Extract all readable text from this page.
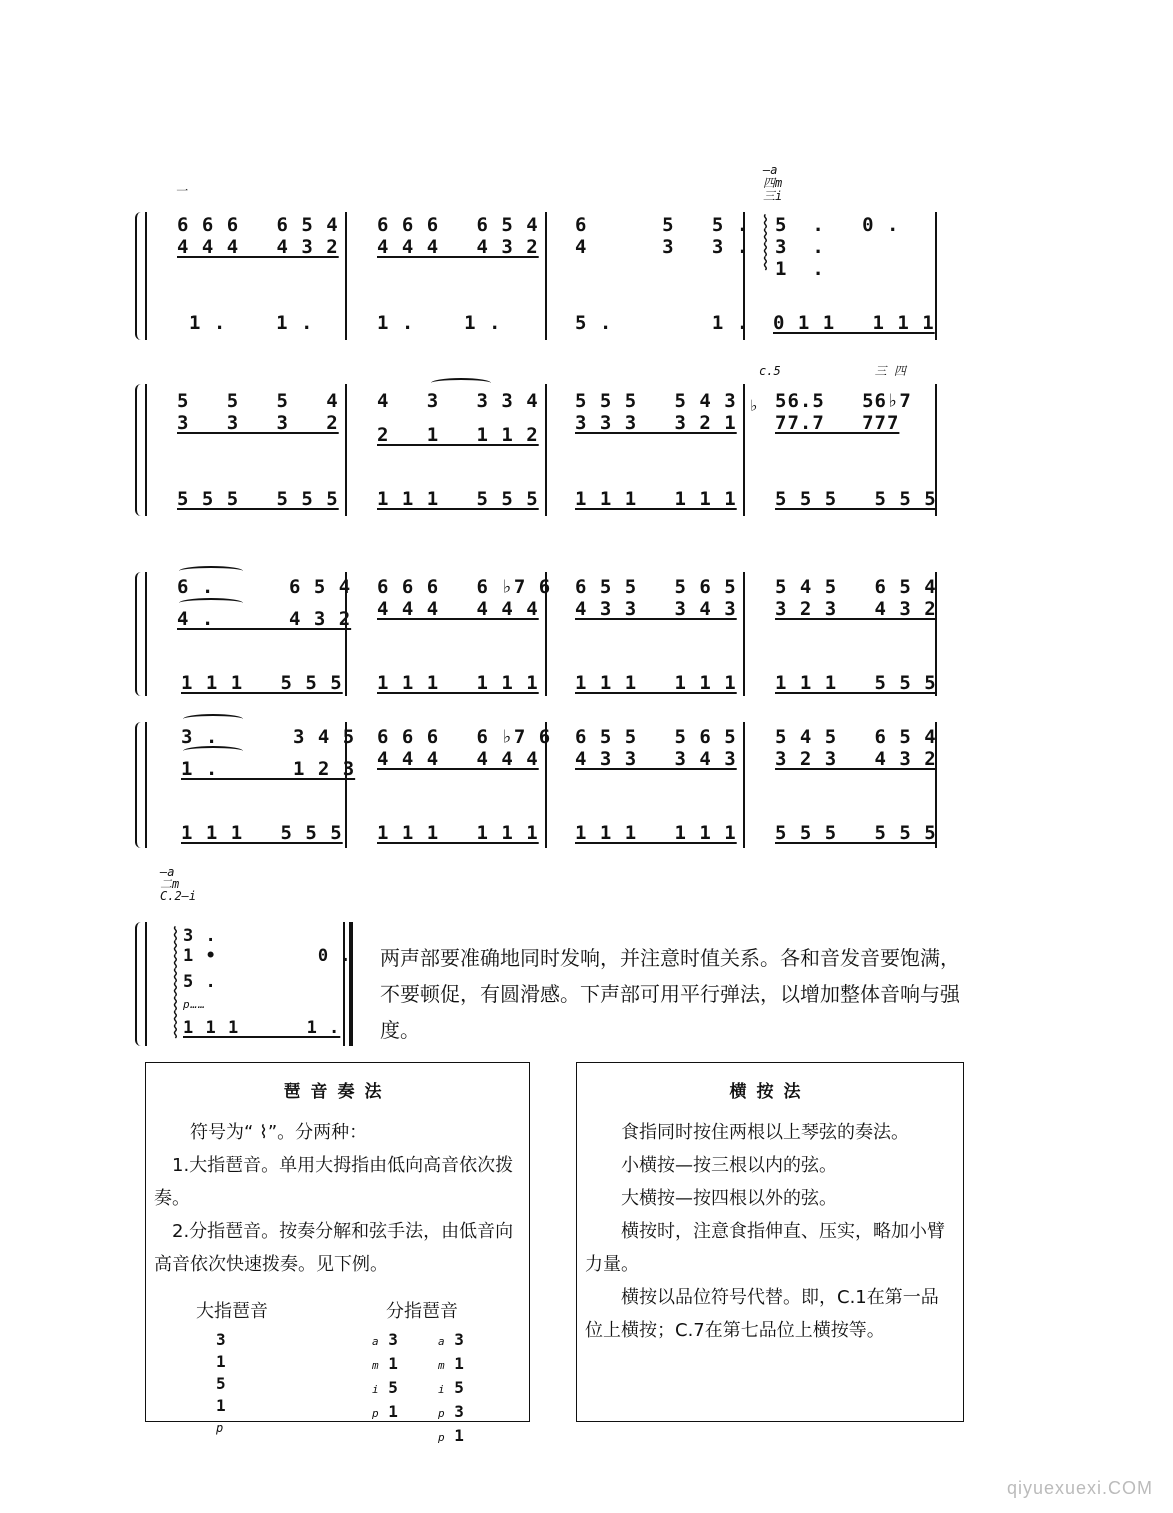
一
—a
四m
三i
6 6 6   6 5 4
4 4 4   4 3 2
1 .    1 .
6 6 6   6 5 4
4 4 4   4 3 2
1 .    1 .
6      5   5 .
4      3   3 .
5 .        1 .
⌇
⌇
⌇
⌇
5  .   0 .
3  .
1  .
0 1 1   1 1 1
c.5             三 四
5   5   5   4
3   3   3   2
5 5 5   5 5 5
4   3   3 3 4
2   1   1 1 2
1 1 1   5 5 5
5 5 5   5 4 3
3 3 3   3 2 1
1 1 1   1 1 1
♭ 56.5   56♭7
77.7   777
5 5 5   5 5 5
6 .      6 5 4
4 .      4 3 2
1 1 1   5 5 5
6 6 6   6 ♭7 6
4 4 4   4 4 4
1 1 1   1 1 1
6 5 5   5 6 5
4 3 3   3 4 3
1 1 1   1 1 1
5 4 5   6 5 4
3 2 3   4 3 2
1 1 1   5 5 5
3 .      3 4 5
1 .      1 2 3
1 1 1   5 5 5
6 6 6   6 ♭7 6
4 4 4   4 4 4
1 1 1   1 1 1
6 5 5   5 6 5
4 3 3   3 4 3
1 1 1   1 1 1
5 4 5   6 5 4
3 2 3   4 3 2
5 5 5   5 5 5
—a
二m
C.2—i
⌇
⌇
⌇
⌇
⌇
⌇
⌇
⌇
3 .
1 •         0 .
5 .
p……
1 1 1      1 .
两声部要准确地同时发响，并注意时值关系。各和音发音要饱满，不要顿促，有圆滑感。下声部可用平行弹法，以增加整体音响与强度。
琶音奏法

符号为“ ⌇”。分两种：

1.大指琶音。单用大拇指由低向高音依次拨奏。

2.分指琶音。按奏分解和弦手法，由低音向高音依次快速拨奏。见下例。

大指琶音	分指琶音
3
1
5
1
p
a 3
m 1
i 5
p 1
a 3
m 1
i 5
p 3
p 1
横按法

食指同时按住两根以上琴弦的奏法。

小横按—按三根以内的弦。

大横按—按四根以外的弦。

横按时，注意食指伸直、压实，略加小臂力量。

横按以品位符号代替。即，C.1在第一品位上横按；C.7在第七品位上横按等。

qiyuexuexi.COM
